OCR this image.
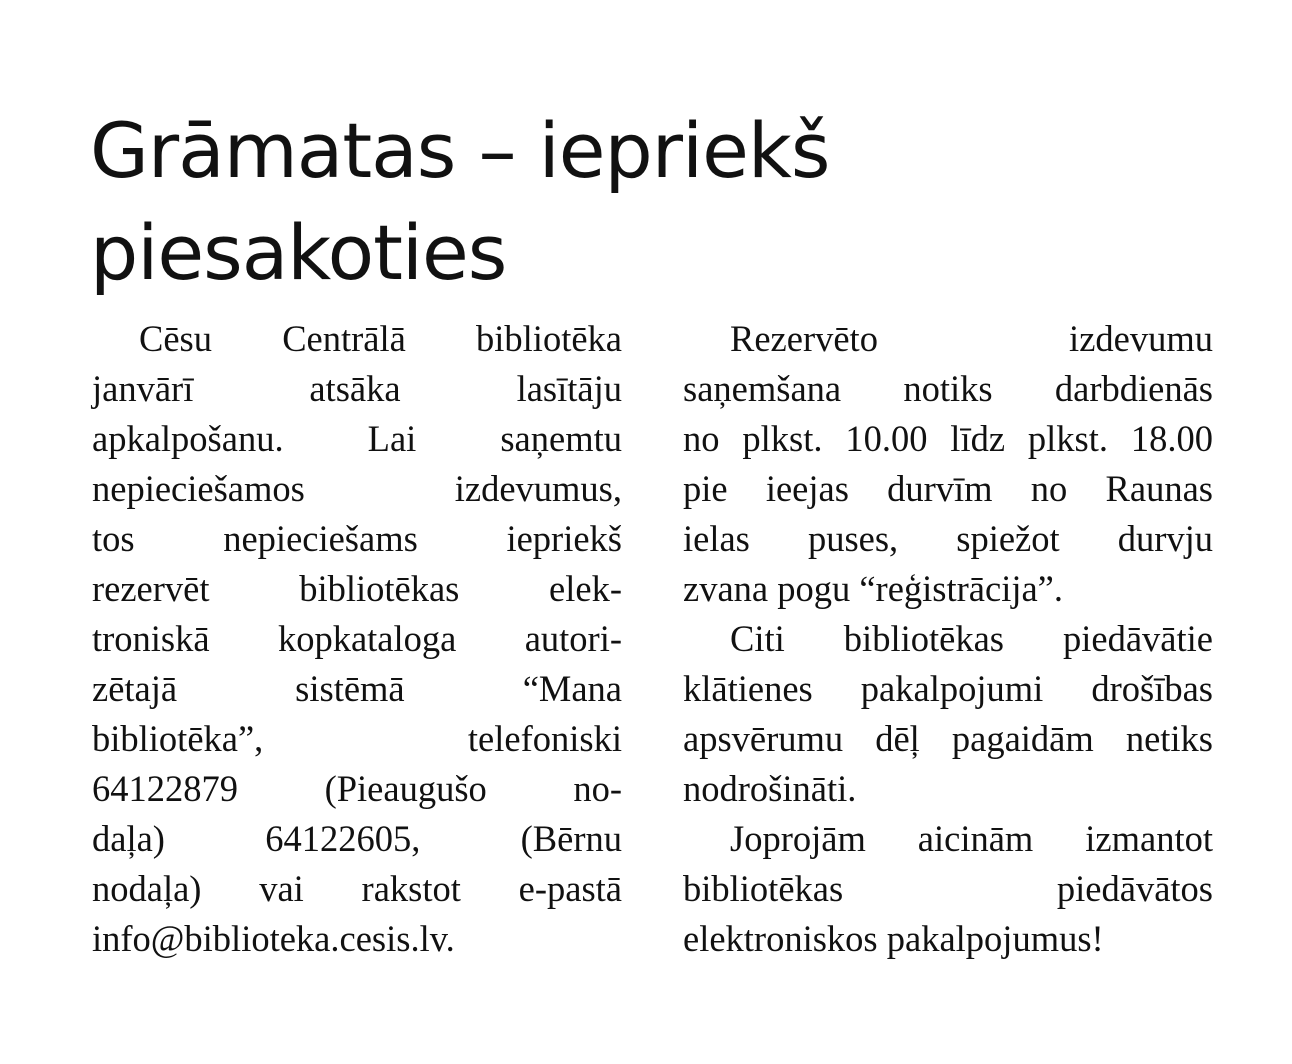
Grāmatas – iepriekš
piesakoties

Cēsu Centrālā bibliotēka
janvārī atsāka lasītāju
apkalpošanu. Lai saņemtu
nepieciešamos izdevumus,
tos nepieciešams iepriekš
rezervēt bibliotēkas elek-
troniskā kopkataloga autori-
zētajā sistēmā “Mana
bibliotēka”, telefoniski
64122879 (Pieaugušo no-
daļa) 64122605, (Bērnu
nodaļa) vai rakstot e-pastā
info@biblioteka.cesis.lv.

Rezervēto izdevumu
saņemšana notiks darbdienās
no plkst. 10.00 līdz plkst. 18.00
pie ieejas durvīm no Raunas
ielas puses, spiežot durvju
zvana pogu “reģistrācija”.

Citi bibliotēkas piedāvātie
klātienes pakalpojumi drošības
apsvērumu dēļ pagaidām netiks
nodrošināti.

Joprojām aicinām izmantot
bibliotēkas piedāvātos
elektroniskos pakalpojumus!
